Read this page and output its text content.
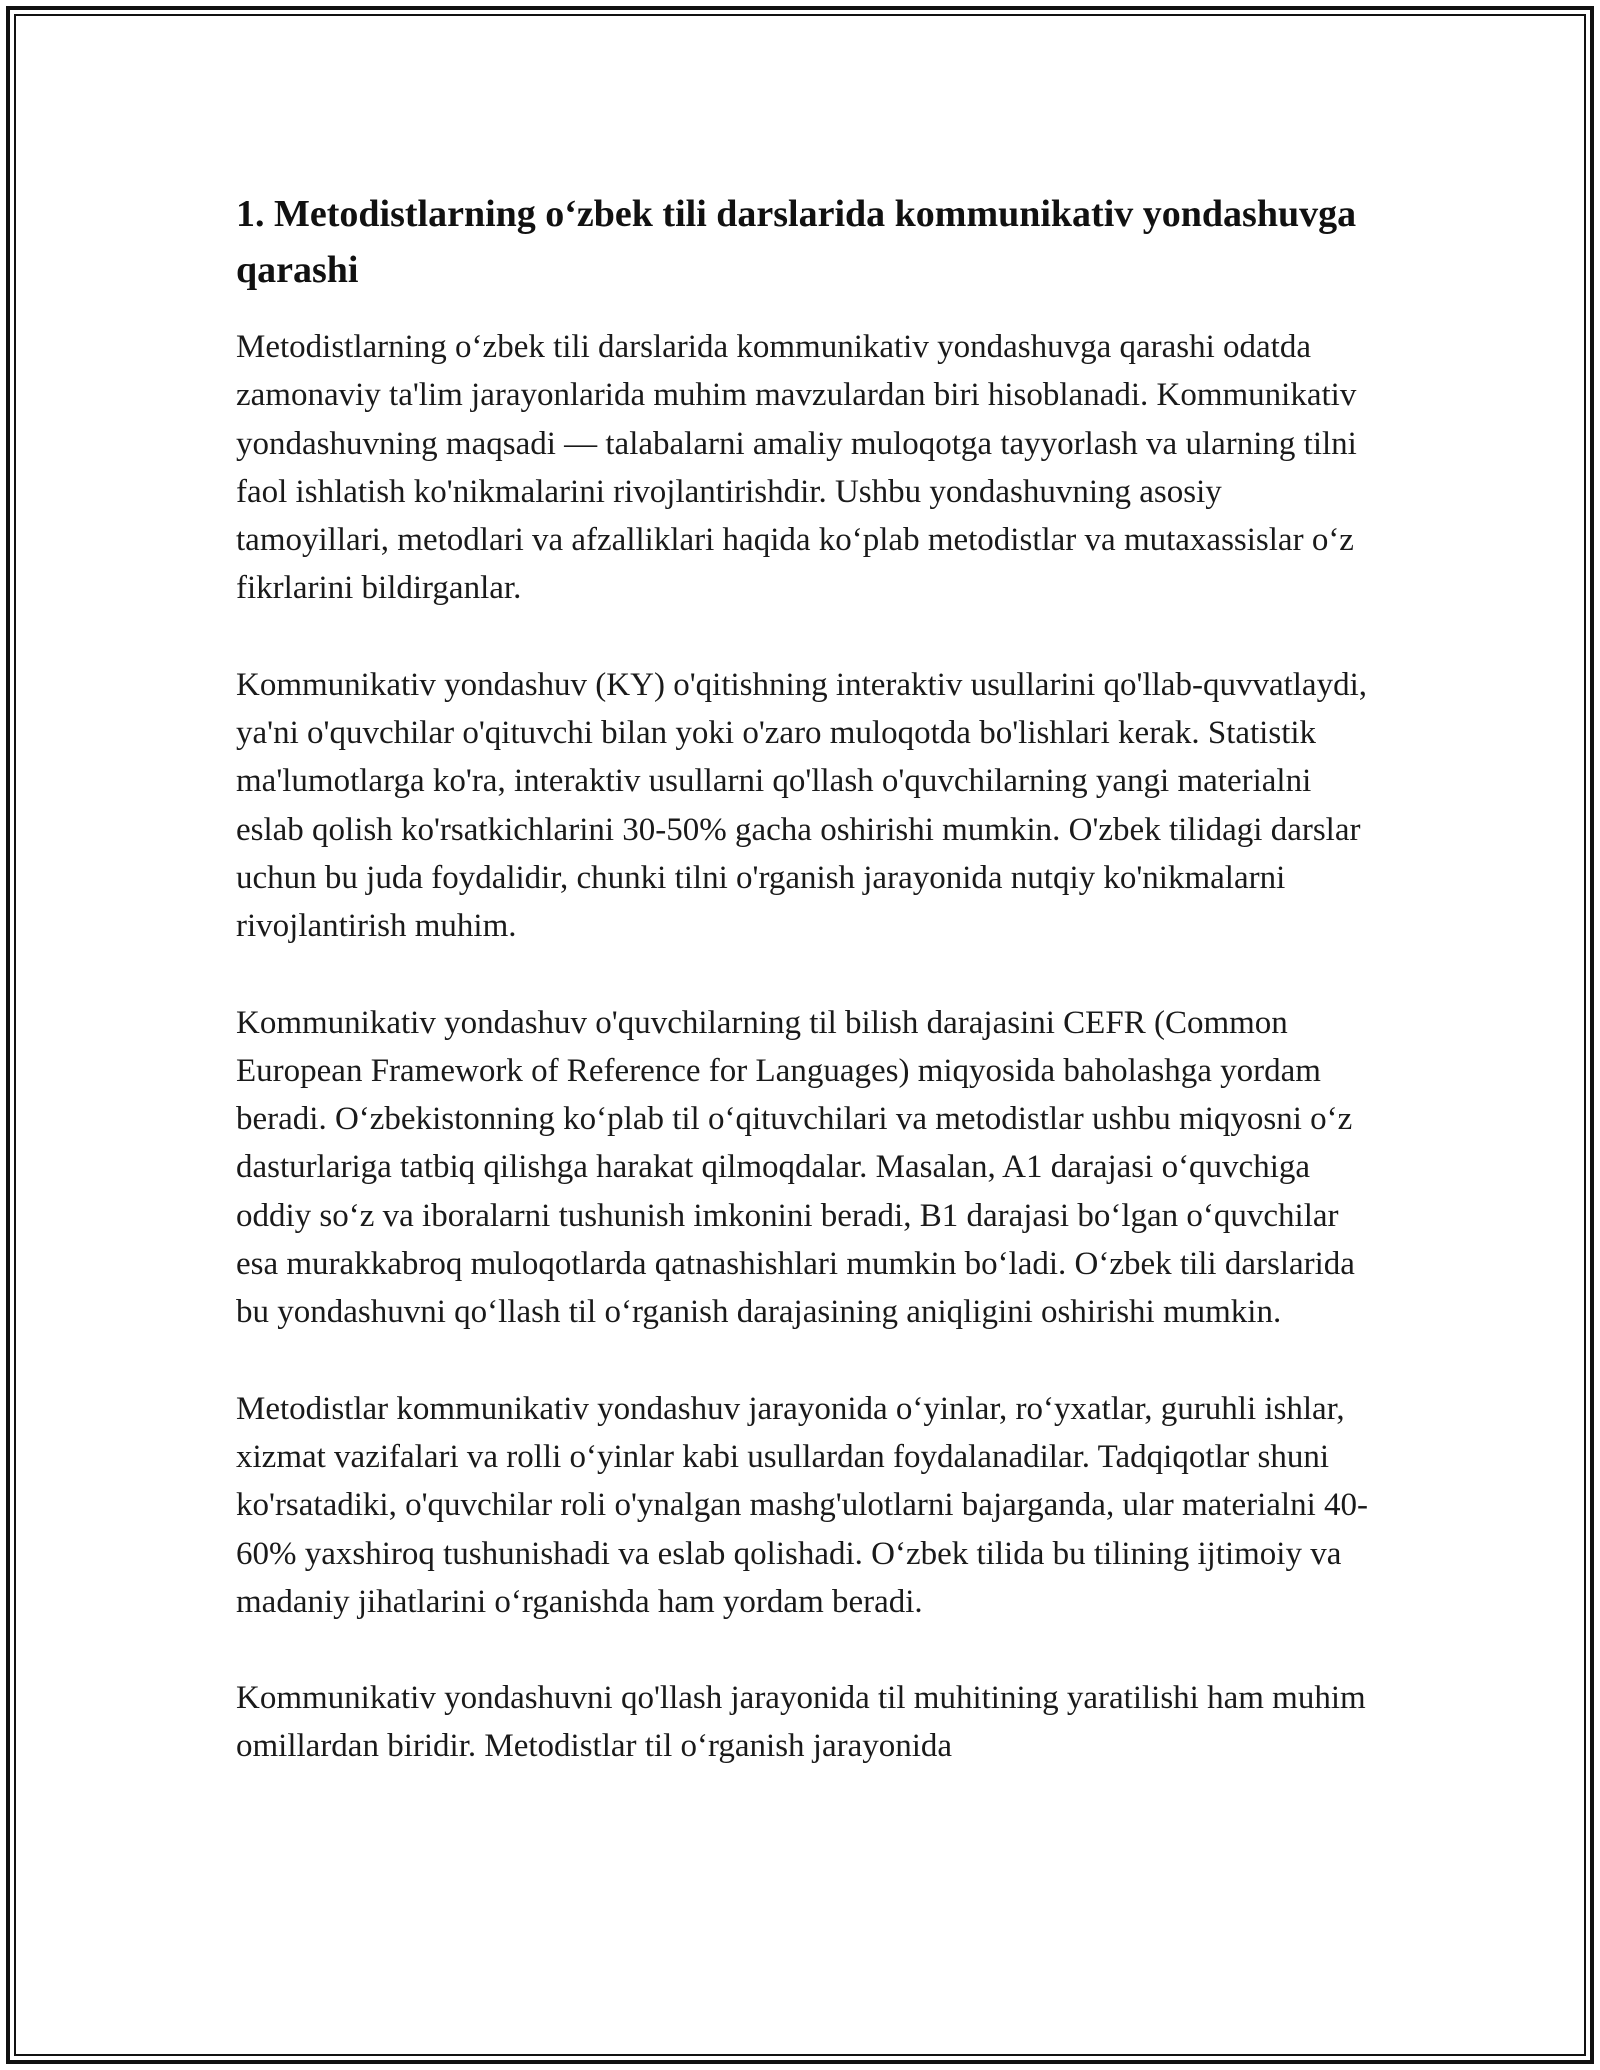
1. Metodistlarning o‘zbek tili darslarida kommunikativ yondashuvga qarashi

Metodistlarning o‘zbek tili darslarida kommunikativ yondashuvga qarashi odatda zamonaviy ta'lim jarayonlarida muhim mavzulardan biri hisoblanadi. Kommunikativ yondashuvning maqsadi — talabalarni amaliy muloqotga tayyorlash va ularning tilni faol ishlatish ko'nikmalarini rivojlantirishdir. Ushbu yondashuvning asosiy tamoyillari, metodlari va afzalliklari haqida ko‘plab metodistlar va mutaxassislar o‘z fikrlarini bildirganlar.

Kommunikativ yondashuv (KY) o'qitishning interaktiv usullarini qo'llab-quvvatlaydi, ya'ni o'quvchilar o'qituvchi bilan yoki o'zaro muloqotda bo'lishlari kerak. Statistik ma'lumotlarga ko'ra, interaktiv usullarni qo'llash o'quvchilarning yangi materialni eslab qolish ko'rsatkichlarini 30-50% gacha oshirishi mumkin. O'zbek tilidagi darslar uchun bu juda foydalidir, chunki tilni o'rganish jarayonida nutqiy ko'nikmalarni rivojlantirish muhim.

Kommunikativ yondashuv o'quvchilarning til bilish darajasini CEFR (Common European Framework of Reference for Languages) miqyosida baholashga yordam beradi. O‘zbekistonning ko‘plab til o‘qituvchilari va metodistlar ushbu miqyosni o‘z dasturlariga tatbiq qilishga harakat qilmoqdalar. Masalan, A1 darajasi o‘quvchiga oddiy so‘z va iboralarni tushunish imkonini beradi, B1 darajasi bo‘lgan o‘quvchilar esa murakkabroq muloqotlarda qatnashishlari mumkin bo‘ladi. O‘zbek tili darslarida bu yondashuvni qo‘llash til o‘rganish darajasining aniqligini oshirishi mumkin.

Metodistlar kommunikativ yondashuv jarayonida o‘yinlar, ro‘yxatlar, guruhli ishlar, xizmat vazifalari va rolli o‘yinlar kabi usullardan foydalanadilar. Tadqiqotlar shuni ko'rsatadiki, o'quvchilar roli o'ynalgan mashg'ulotlarni bajarganda, ular materialni 40-60% yaxshiroq tushunishadi va eslab qolishadi. O‘zbek tilida bu tilining ijtimoiy va madaniy jihatlarini o‘rganishda ham yordam beradi.

Kommunikativ yondashuvni qo'llash jarayonida til muhitining yaratilishi ham muhim omillardan biridir. Metodistlar til o‘rganish jarayonida
